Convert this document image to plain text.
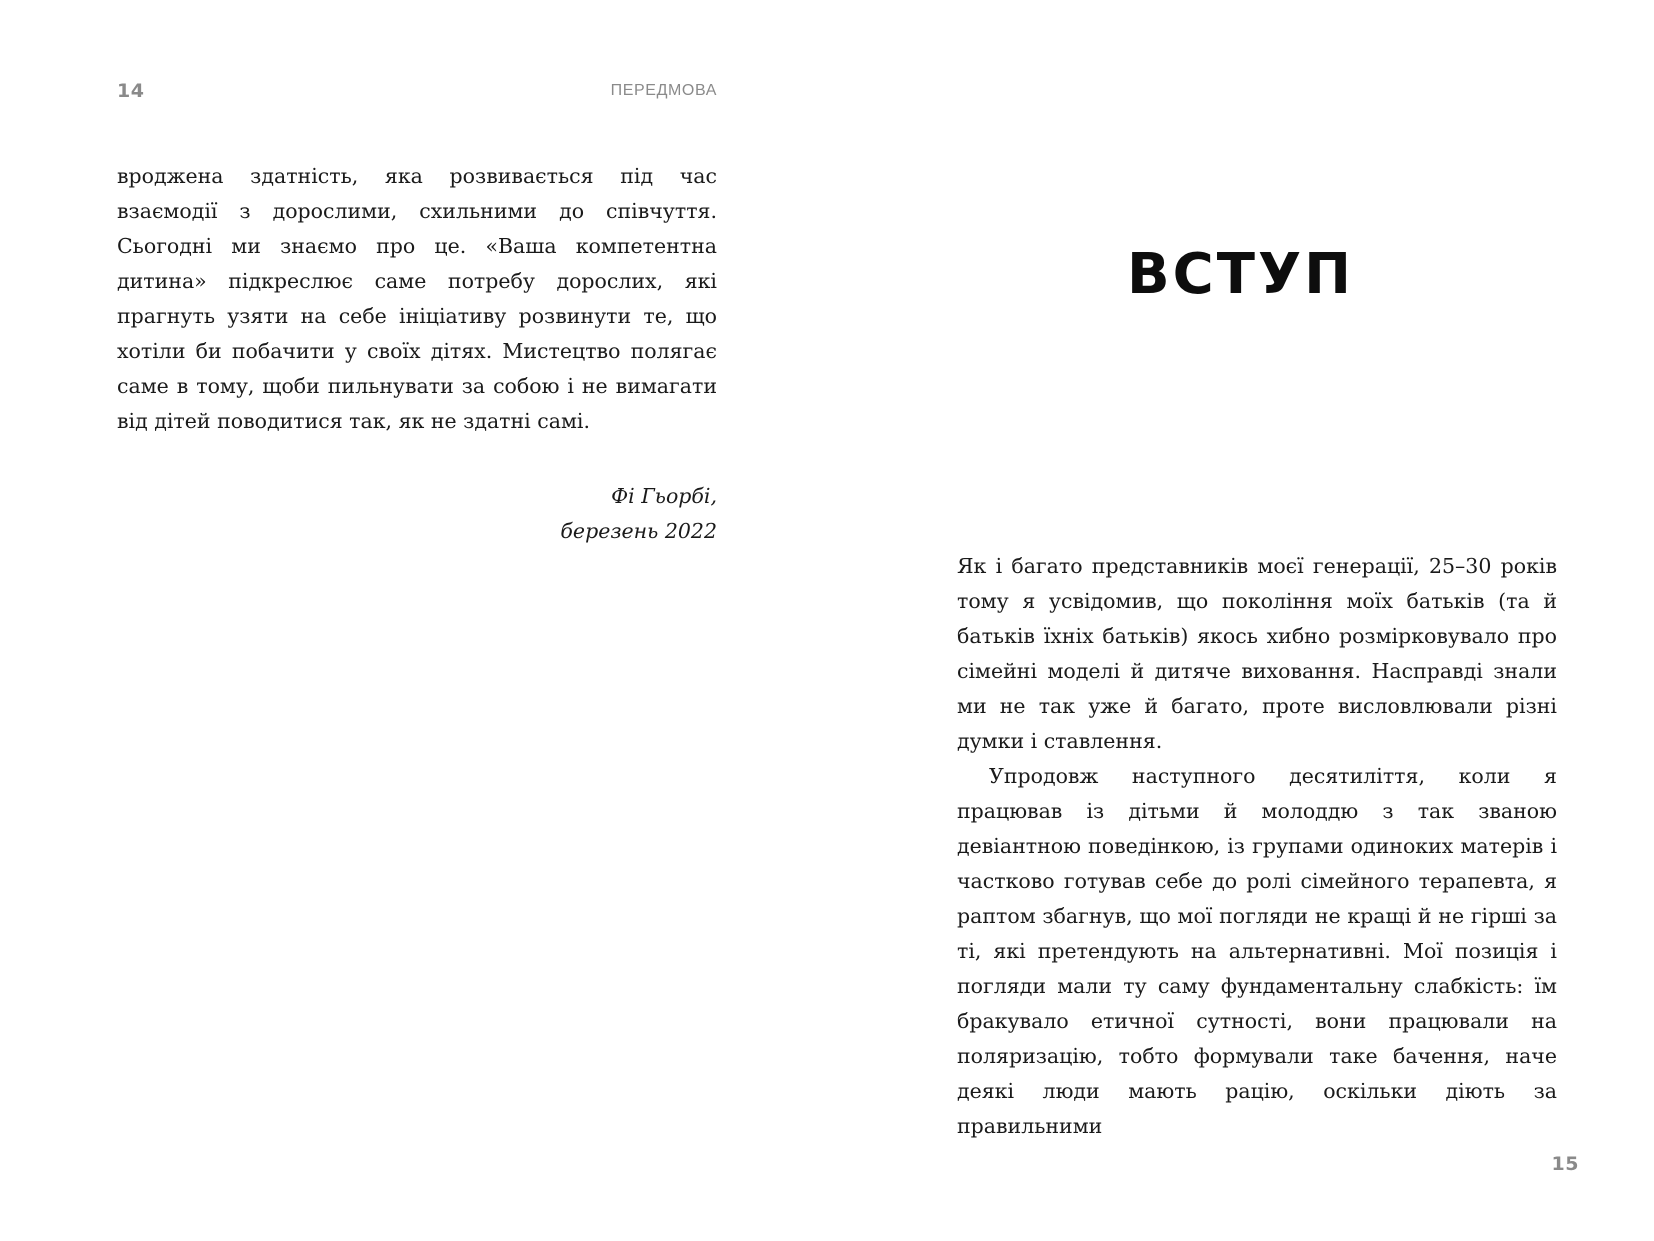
14	ПЕРЕДМОВА

вроджена здатність, яка розвивається під час взаємодії з дорослими, схильними до співчуття. Сьогодні ми знаємо про це. «Ваша компетентна дитина» підкреслює саме потребу дорослих, які прагнуть узяти на себе ініціативу розвинути те, що хотіли би побачити у своїх дітях. Мистецтво полягає саме в тому, щоби пильнувати за собою і не вимагати від дітей поводитися так, як не здатні самі.

Фі Гьорбі,
березень 2022
ВСТУП

Як і багато представників моєї генерації, 25–30 років тому я усвідомив, що покоління моїх батьків (та й батьків їхніх батьків) якось хибно розмірковувало про сімейні моделі й дитяче виховання. Насправді знали ми не так уже й багато, проте висловлювали різні думки і ставлення.

Упродовж наступного десятиліття, коли я працював із дітьми й молоддю з так званою девіантною поведінкою, із групами одиноких матерів і частково готував себе до ролі сімейного терапевта, я раптом збагнув, що мої погляди не кращі й не гірші за ті, які претендують на альтернативні. Мої позиція і погляди мали ту саму фундаментальну слабкість: їм бракувало етичної сутності, вони працювали на поляризацію, тобто формували таке бачення, наче деякі люди мають рацію, оскільки діють за правильними

15
